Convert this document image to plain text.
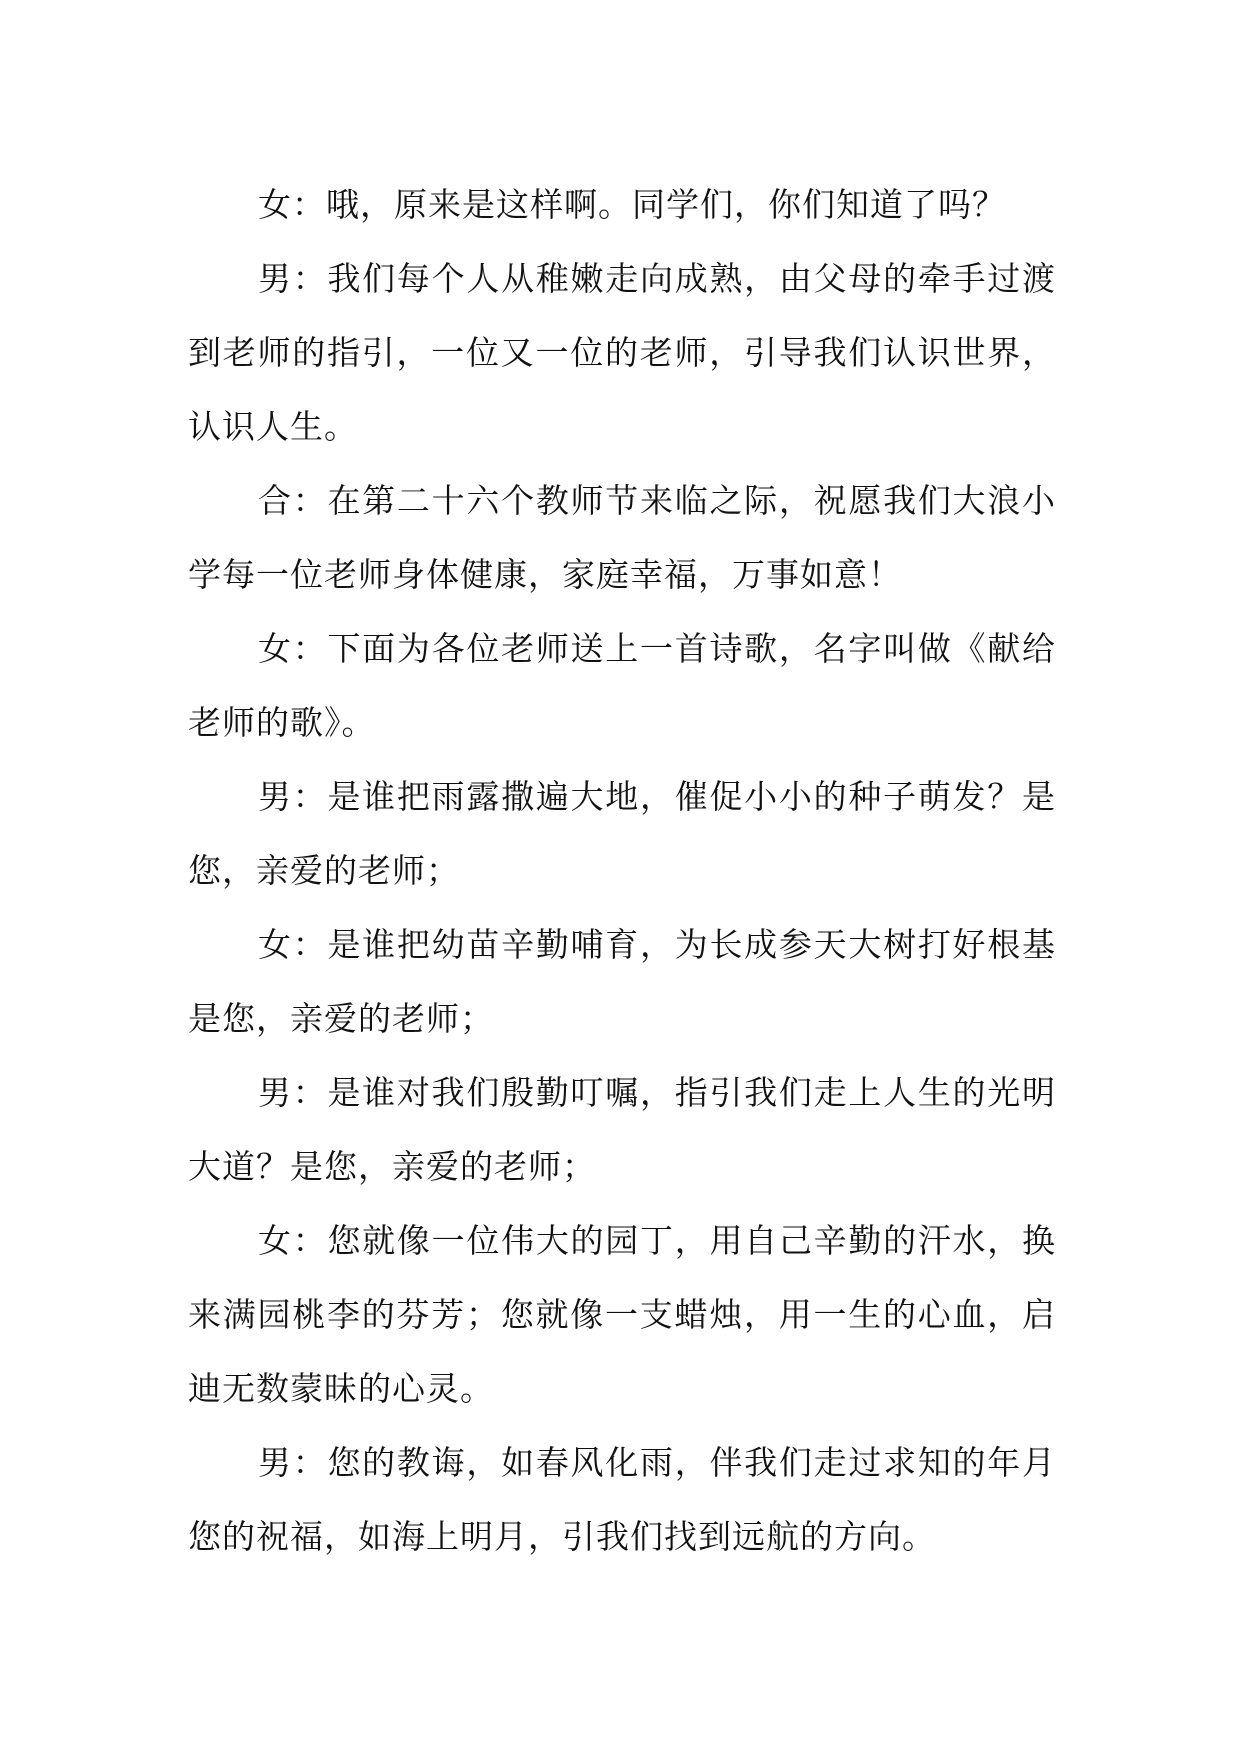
女：哦，原来是这样啊。同学们，你们知道了吗？

男：我们每个人从稚嫩走向成熟，由父母的牵手过渡到老师的指引，一位又一位的老师，引导我们认识世界，认识人生。

合：在第二十六个教师节来临之际，祝愿我们大浪小学每一位老师身体健康，家庭幸福，万事如意！

女：下面为各位老师送上一首诗歌，名字叫做《献给老师的歌》。

男：是谁把雨露撒遍大地，催促小小的种子萌发？是您，亲爱的老师；

女：是谁把幼苗辛勤哺育，为长成参天大树打好根基是您，亲爱的老师；

男：是谁对我们殷勤叮嘱，指引我们走上人生的光明大道？是您，亲爱的老师；

女：您就像一位伟大的园丁，用自己辛勤的汗水，换来满园桃李的芬芳；您就像一支蜡烛，用一生的心血，启迪无数蒙昧的心灵。

男：您的教诲，如春风化雨，伴我们走过求知的年月您的祝福，如海上明月，引我们找到远航的方向。
